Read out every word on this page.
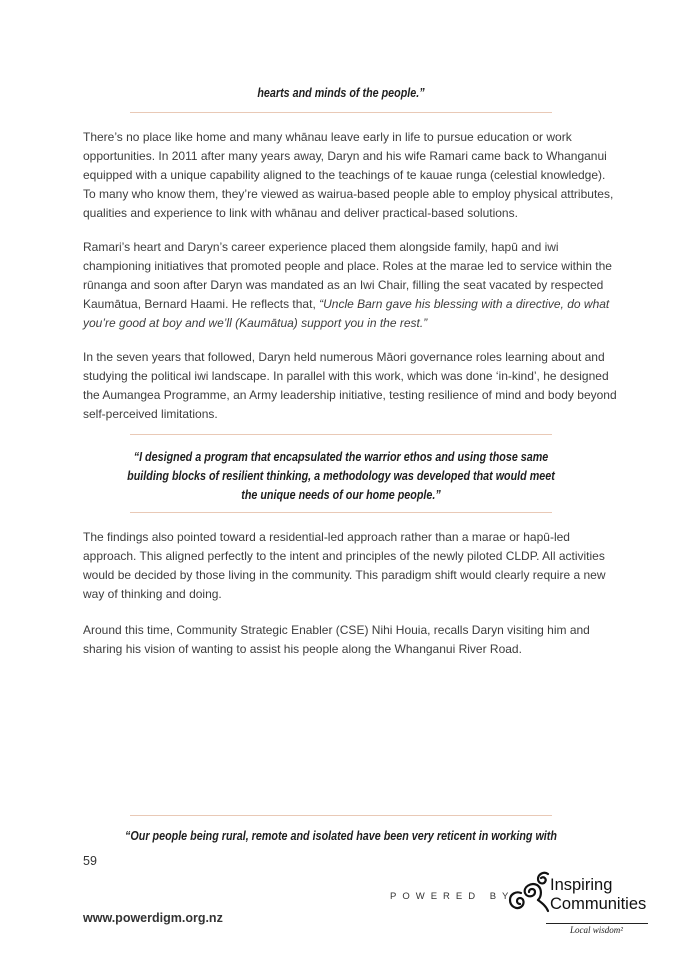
hearts and minds of the people.”
There’s no place like home and many whānau leave early in life to pursue education or work
opportunities. In 2011 after many years away, Daryn and his wife Ramari came back to Whanganui
equipped with a unique capability aligned to the teachings of te kauae runga (celestial knowledge).
To many who know them, they’re viewed as wairua-based people able to employ physical attributes,
qualities and experience to link with whānau and deliver practical-based solutions.
Ramari’s heart and Daryn’s career experience placed them alongside family, hapū and iwi
championing initiatives that promoted people and place. Roles at the marae led to service within the
rūnanga and soon after Daryn was mandated as an Iwi Chair, filling the seat vacated by respected
Kaumātua, Bernard Haami. He reflects that, “Uncle Barn gave his blessing with a directive, do what
you’re good at boy and we’ll (Kaumātua) support you in the rest.”
In the seven years that followed, Daryn held numerous Māori governance roles learning about and
studying the political iwi landscape. In parallel with this work, which was done ‘in-kind’, he designed
the Aumangea Programme, an Army leadership initiative, testing resilience of mind and body beyond
self-perceived limitations.
“I designed a program that encapsulated the warrior ethos and using those same
building blocks of resilient thinking, a methodology was developed that would meet
the unique needs of our home people.”
The findings also pointed toward a residential-led approach rather than a marae or hapū-led
approach. This aligned perfectly to the intent and principles of the newly piloted CLDP. All activities
would be decided by those living in the community. This paradigm shift would clearly require a new
way of thinking and doing.
Around this time, Community Strategic Enabler (CSE) Nihi Houia, recalls Daryn visiting him and
sharing his vision of wanting to assist his people along the Whanganui River Road.
“Our people being rural, remote and isolated have been very reticent in working with
59
www.powerdigm.org.nz
POWERED BY
Inspiring
Communities
Local wisdom²
